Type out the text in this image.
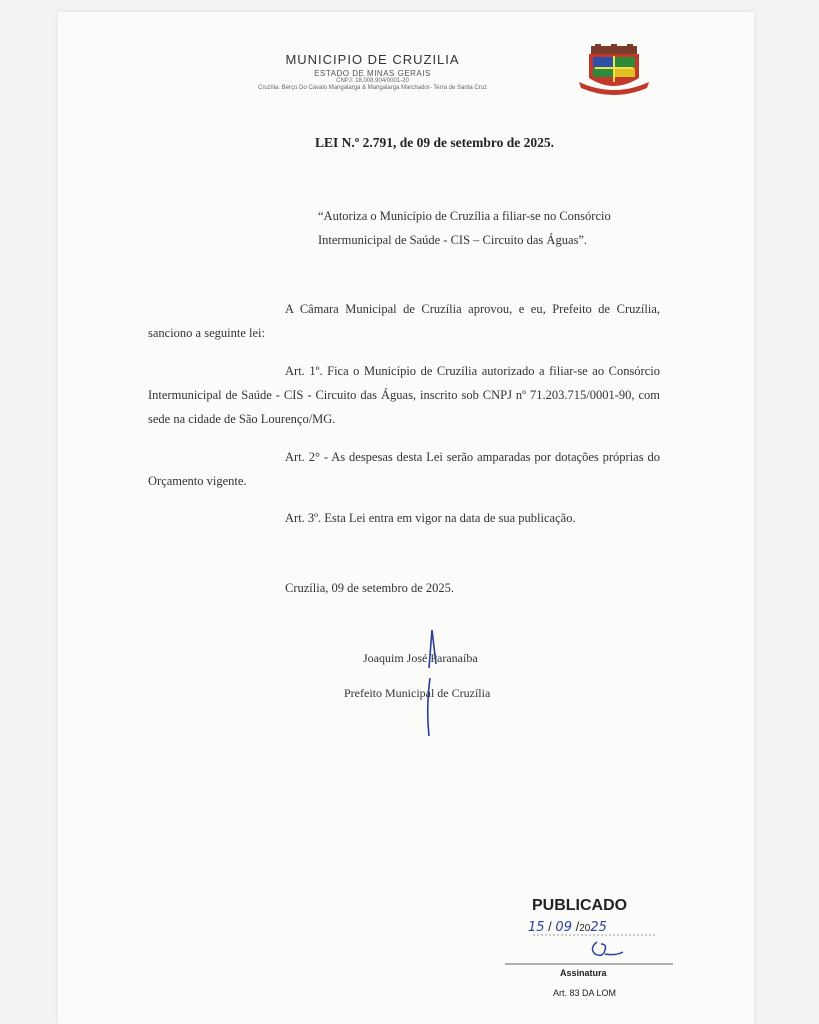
MUNICIPIO DE CRUZILIA
ESTADO DE MINAS GERAIS
CNPJ: 18.008.904/0001-20
Cruzília: Berço Do Cavalo Mangalarga & Mangalarga Marchador- Terra de Santa Cruz
LEI N.º 2.791, de 09 de setembro de 2025.
“Autoriza o Município de Cruzília a filiar-se no Consórcio Intermunicipal de Saúde - CIS – Circuito das Águas”.
A Câmara Municipal de Cruzília aprovou, e eu, Prefeito de Cruzília, sanciono a seguinte lei:
Art. 1º. Fica o Município de Cruzília autorizado a filiar-se ao Consórcio Intermunicipal de Saúde - CIS - Circuito das Águas, inscrito sob CNPJ nº 71.203.715/0001-90, com sede na cidade de São Lourenço/MG.
Art. 2° - As despesas desta Lei serão amparadas por dotações próprias do Orçamento vigente.
Art. 3º. Esta Lei entra em vigor na data de sua publicação.
Cruzília, 09 de setembro de 2025.
Joaquim José Paranaíba
Prefeito Municipal de Cruzília
PUBLICADO
15 / 09 /2025
Assinatura
Art. 83 DA LOM
